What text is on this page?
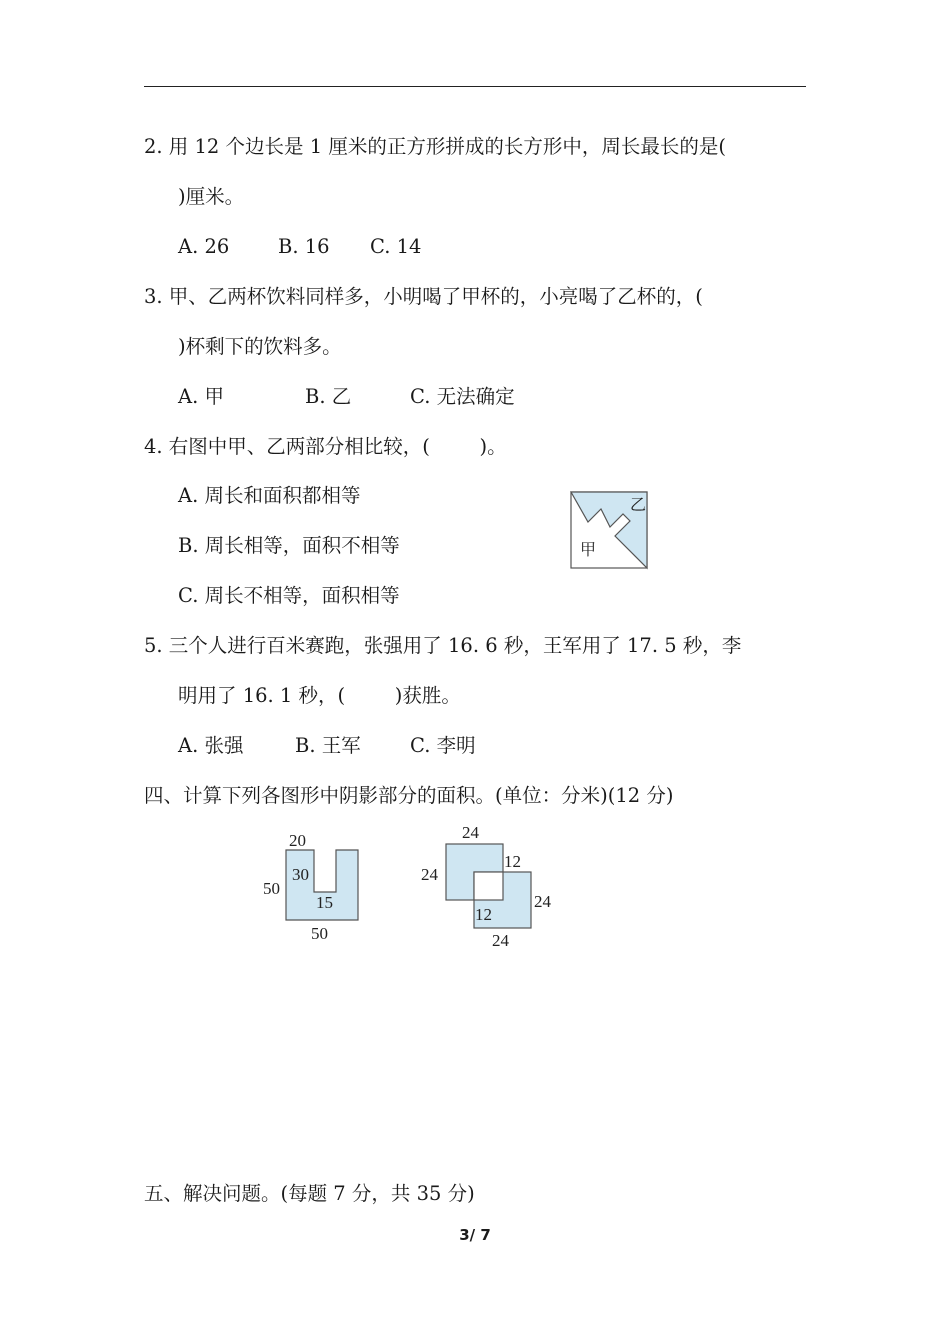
2. 用 12 个边长是 1 厘米的正方形拼成的长方形中，周长最长的是(
)厘米。
A. 26 B. 16 C. 14
3. 甲、乙两杯饮料同样多，小明喝了甲杯的，小亮喝了乙杯的，(
)杯剩下的饮料多。
A. 甲	B. 乙	C. 无法确定
4. 右图中甲、乙两部分相比较，(        )。
A. 周长和面积都相等
B. 周长相等，面积不相等
C. 周长不相等，面积相等
乙
甲
5. 三个人进行百米赛跑，张强用了 16. 6 秒，王军用了 17. 5 秒，李
明用了 16. 1 秒，(        )获胜。
A. 张强	B. 王军	C. 李明
四、计算下列各图形中阴影部分的面积。(单位：分米)(12 分)
20
30
15
50
50
24
24
12
12
24
24
五、解决问题。(每题 7 分，共 35 分)
3/ 7
